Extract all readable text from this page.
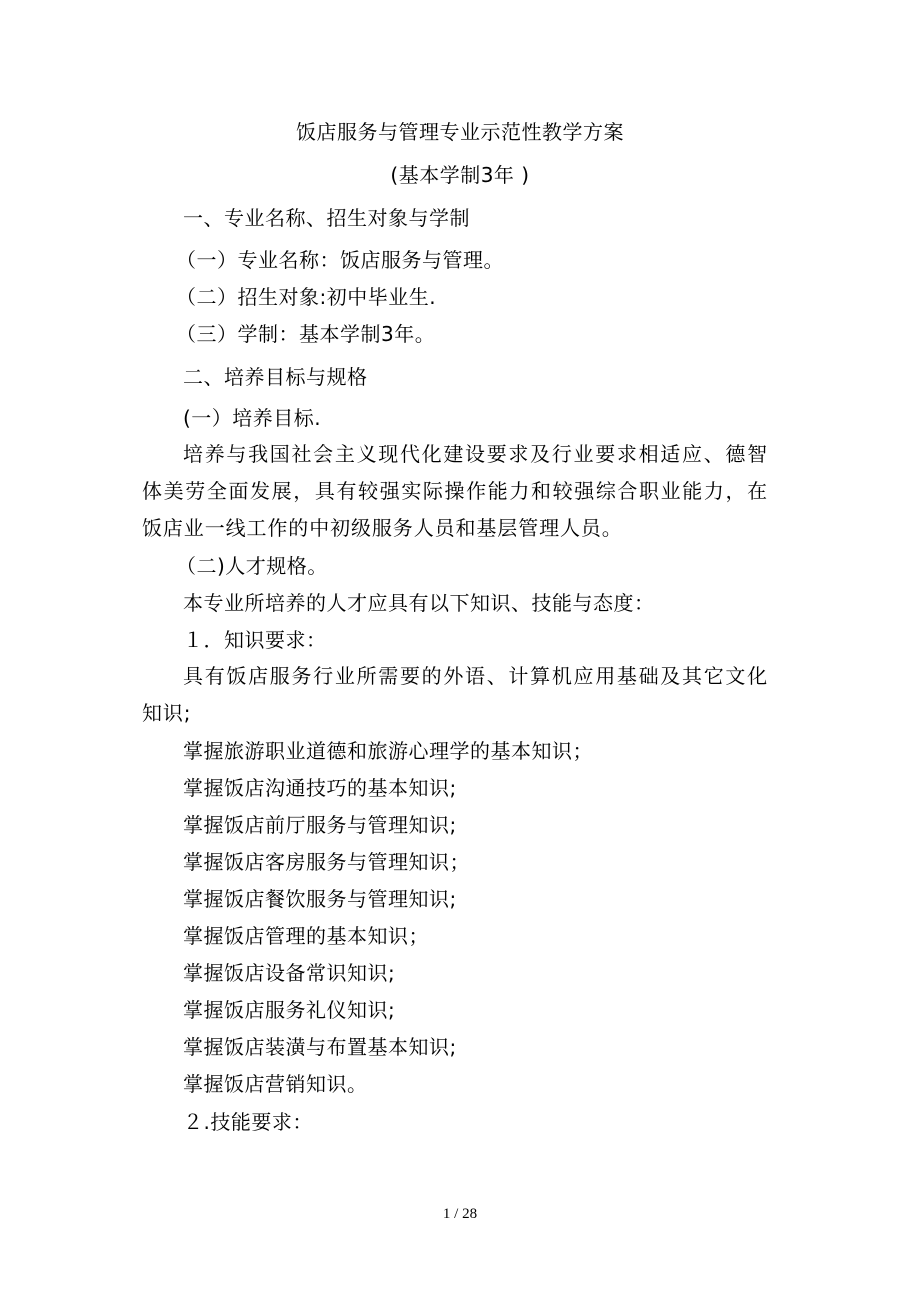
饭店服务与管理专业示范性教学方案
(基本学制3年 )
一、专业名称、招生对象与学制
（一）专业名称：饭店服务与管理。
（二）招生对象:初中毕业生.
（三）学制：基本学制3年。
二、培养目标与规格
(一）培养目标.
培养与我国社会主义现代化建设要求及行业要求相适应、德智体美劳全面发展，具有较强实际操作能力和较强综合职业能力，在饭店业一线工作的中初级服务人员和基层管理人员。
（二)人才规格。
本专业所培养的人才应具有以下知识、技能与态度：
１．知识要求：
具有饭店服务行业所需要的外语、计算机应用基础及其它文化知识;
掌握旅游职业道德和旅游心理学的基本知识；
掌握饭店沟通技巧的基本知识;
掌握饭店前厅服务与管理知识;
掌握饭店客房服务与管理知识；
掌握饭店餐饮服务与管理知识;
掌握饭店管理的基本知识；
掌握饭店设备常识知识;
掌握饭店服务礼仪知识;
掌握饭店装潢与布置基本知识;
掌握饭店营销知识。
２.技能要求：
1 / 28
